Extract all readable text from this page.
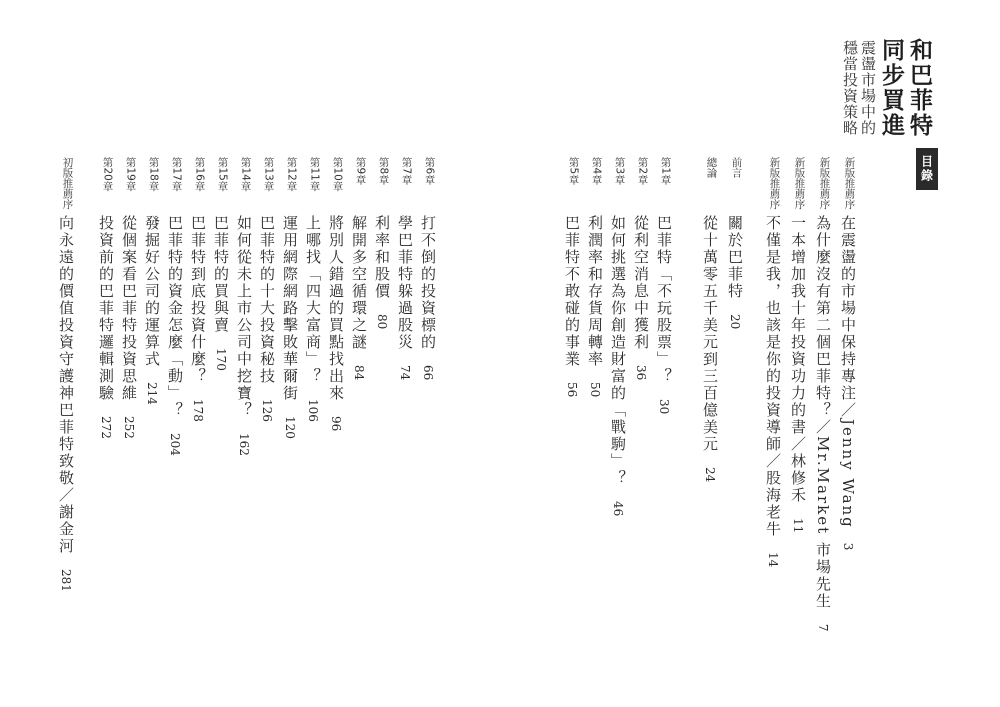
和巴菲特
同步買進
震盪市場中的
穩當投資策略
目錄
新版推薦序
在震盪的市場中保持專注／Jenny Wang3
新版推薦序
為什麼沒有第二個巴菲特？／Mr.Market 市場先生7
新版推薦序
一本增加我十年投資功力的書／林修禾11
新版推薦序
不僅是我，也該是你的投資導師／股海老牛14
前言
關於巴菲特20
總論
從十萬零五千美元到三百億美元24
第1章
巴菲特「不玩股票」？30
第2章
從利空消息中獲利36
第3章
如何挑選為你創造財富的「戰駒」？46
第4章
利潤率和存貨周轉率50
第5章
巴菲特不敢碰的事業56
第6章
打不倒的投資標的66
第7章
學巴菲特躲過股災74
第8章
利率和股價80
第9章
解開多空循環之謎84
第10章
將別人錯過的買點找出來96
第11章
上哪找「四大富商」？106
第12章
運用網際網路擊敗華爾街120
第13章
巴菲特的十大投資秘技126
第14章
如何從未上市公司中挖寶？162
第15章
巴菲特的買與賣170
第16章
巴菲特到底投資什麼？178
第17章
巴菲特的資金怎麼「動」？204
第18章
發掘好公司的運算式214
第19章
從個案看巴菲特投資思維252
第20章
投資前的巴菲特邏輯測驗272
初版推薦序
向永遠的價值投資守護神巴菲特致敬／謝金河281
